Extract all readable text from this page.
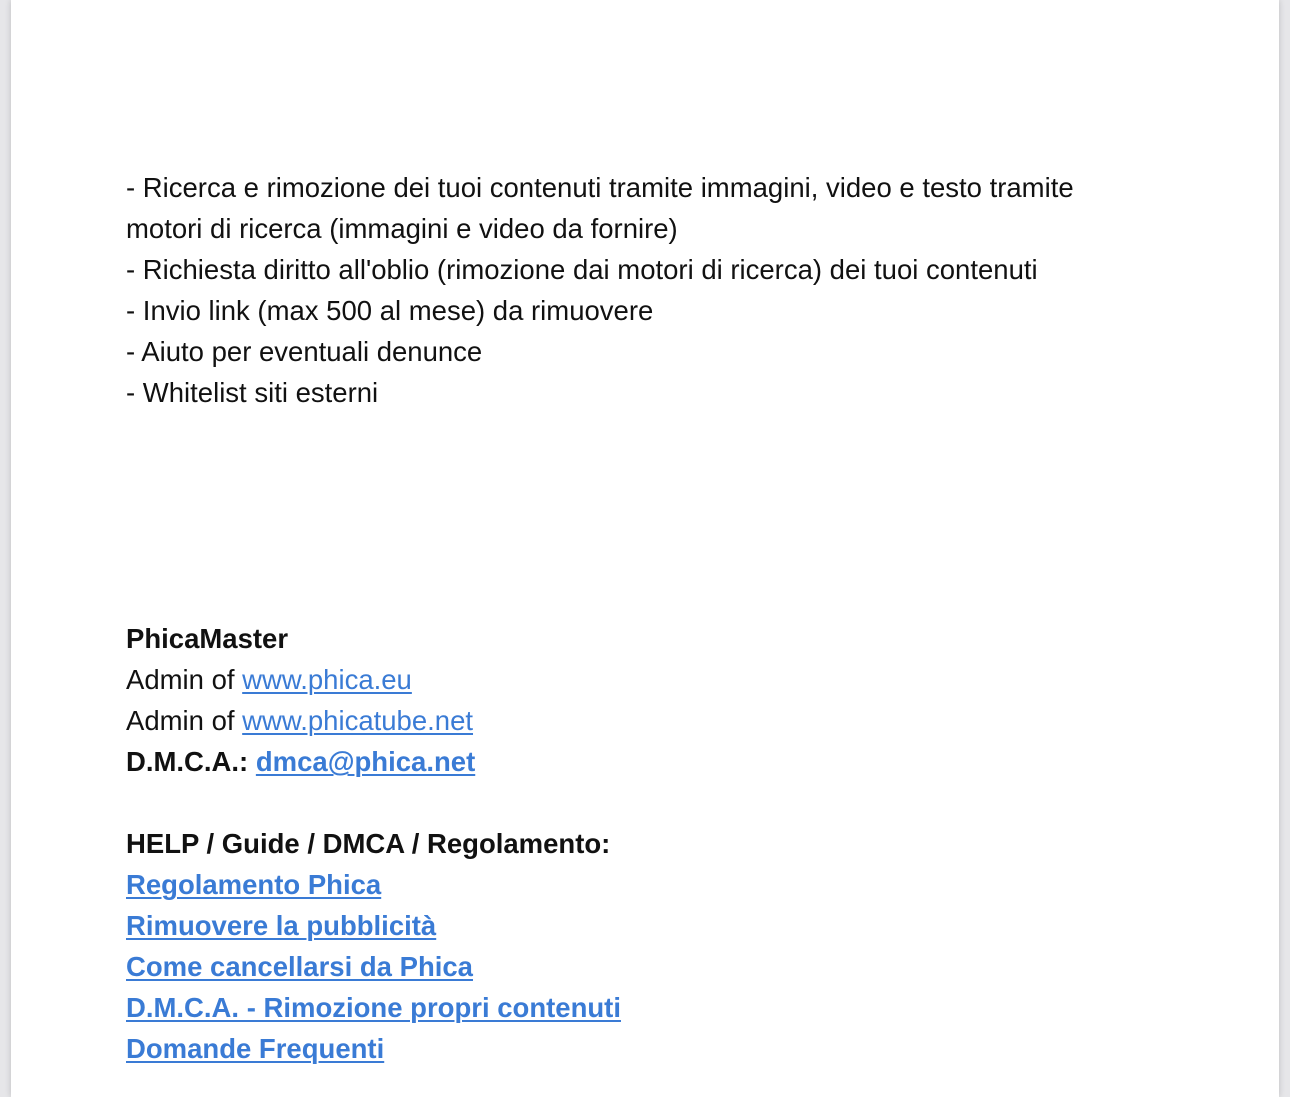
- Ricerca e rimozione dei tuoi contenuti tramite immagini, video e testo tramite
motori di ricerca (immagini e video da fornire)
- Richiesta diritto all'oblio (rimozione dai motori di ricerca) dei tuoi contenuti
- Invio link (max 500 al mese) da rimuovere
- Aiuto per eventuali denunce
- Whitelist siti esterni
PhicaMaster
Admin of www.phica.eu
Admin of www.phicatube.net
D.M.C.A.: dmca@phica.net
HELP / Guide / DMCA / Regolamento:
Regolamento Phica
Rimuovere la pubblicità
Come cancellarsi da Phica
D.M.C.A. - Rimozione propri contenuti
Domande Frequenti
